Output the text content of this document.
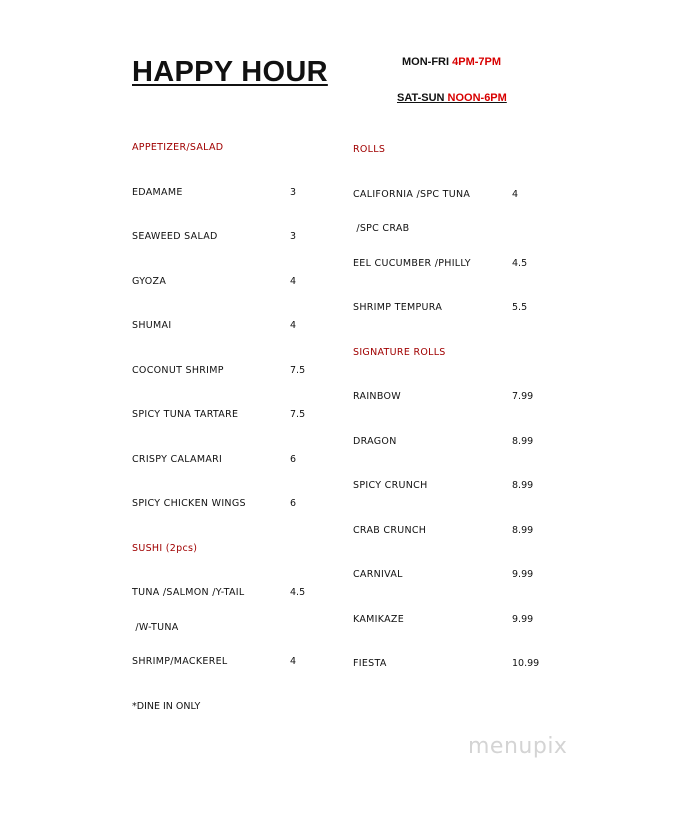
HAPPY HOUR	MON-FRI 4PM-7PM
SAT-SUN NOON-6PM
APPETIZER/SALAD
EDAMAME	3
SEAWEED SALAD	3
GYOZA	4
SHUMAI	4
COCONUT SHRIMP	7.5
SPICY TUNA TARTARE	7.5
CRISPY CALAMARI	6
SPICY CHICKEN WINGS	6
SUSHI (2pcs)
TUNA /SALMON /Y-TAIL	4.5
/W-TUNA
SHRIMP/MACKEREL	4
*DINE IN ONLY
ROLLS
CALIFORNIA /SPC TUNA	4
/SPC CRAB
EEL CUCUMBER /PHILLY	4.5
SHRIMP TEMPURA	5.5
SIGNATURE ROLLS
RAINBOW	7.99
DRAGON	8.99
SPICY CRUNCH	8.99
CRAB CRUNCH	8.99
CARNIVAL	9.99
KAMIKAZE	9.99
FIESTA	10.99
menupix
